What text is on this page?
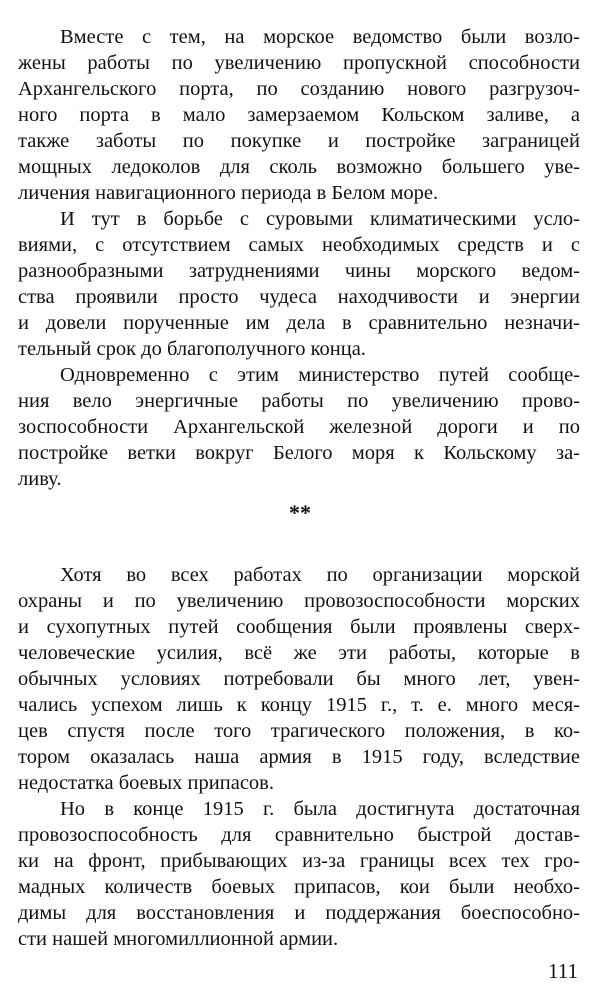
Вместе с тем, на морское ведомство были возло-
жены работы по увеличению пропускной способности
Архангельского порта, по созданию нового разгрузоч-
ного порта в мало замерзаемом Кольском заливе, а
также заботы по покупке и постройке заграницей
мощных ледоколов для сколь возможно большего уве-
личения навигационного периода в Белом море.
И тут в борьбе с суровыми климатическими усло-
виями, с отсутствием самых необходимых средств и с
разнообразными затруднениями чины морского ведом-
ства проявили просто чудеса находчивости и энергии
и довели порученные им дела в сравнительно незначи-
тельный срок до благополучного конца.
Одновременно с этим министерство путей сообще-
ния вело энергичные работы по увеличению прово-
зоспособности Архангельской железной дороги и по
постройке ветки вокруг Белого моря к Кольскому за-
ливу.
**
Хотя во всех работах по организации морской
охраны и по увеличению провозоспособности морских
и сухопутных путей сообщения были проявлены сверх-
человеческие усилия, всё же эти работы, которые в
обычных условиях потребовали бы много лет, увен-
чались успехом лишь к концу 1915 г., т. е. много меся-
цев спустя после того трагического положения, в ко-
тором оказалась наша армия в 1915 году, вследствие
недостатка боевых припасов.
Но в конце 1915 г. была достигнута достаточная
провозоспособность для сравнительно быстрой достав-
ки на фронт, прибывающих из-за границы всех тех гро-
мадных количеств боевых припасов, кои были необхо-
димы для восстановления и поддержания боеспособно-
сти нашей многомиллионной армии.
111
